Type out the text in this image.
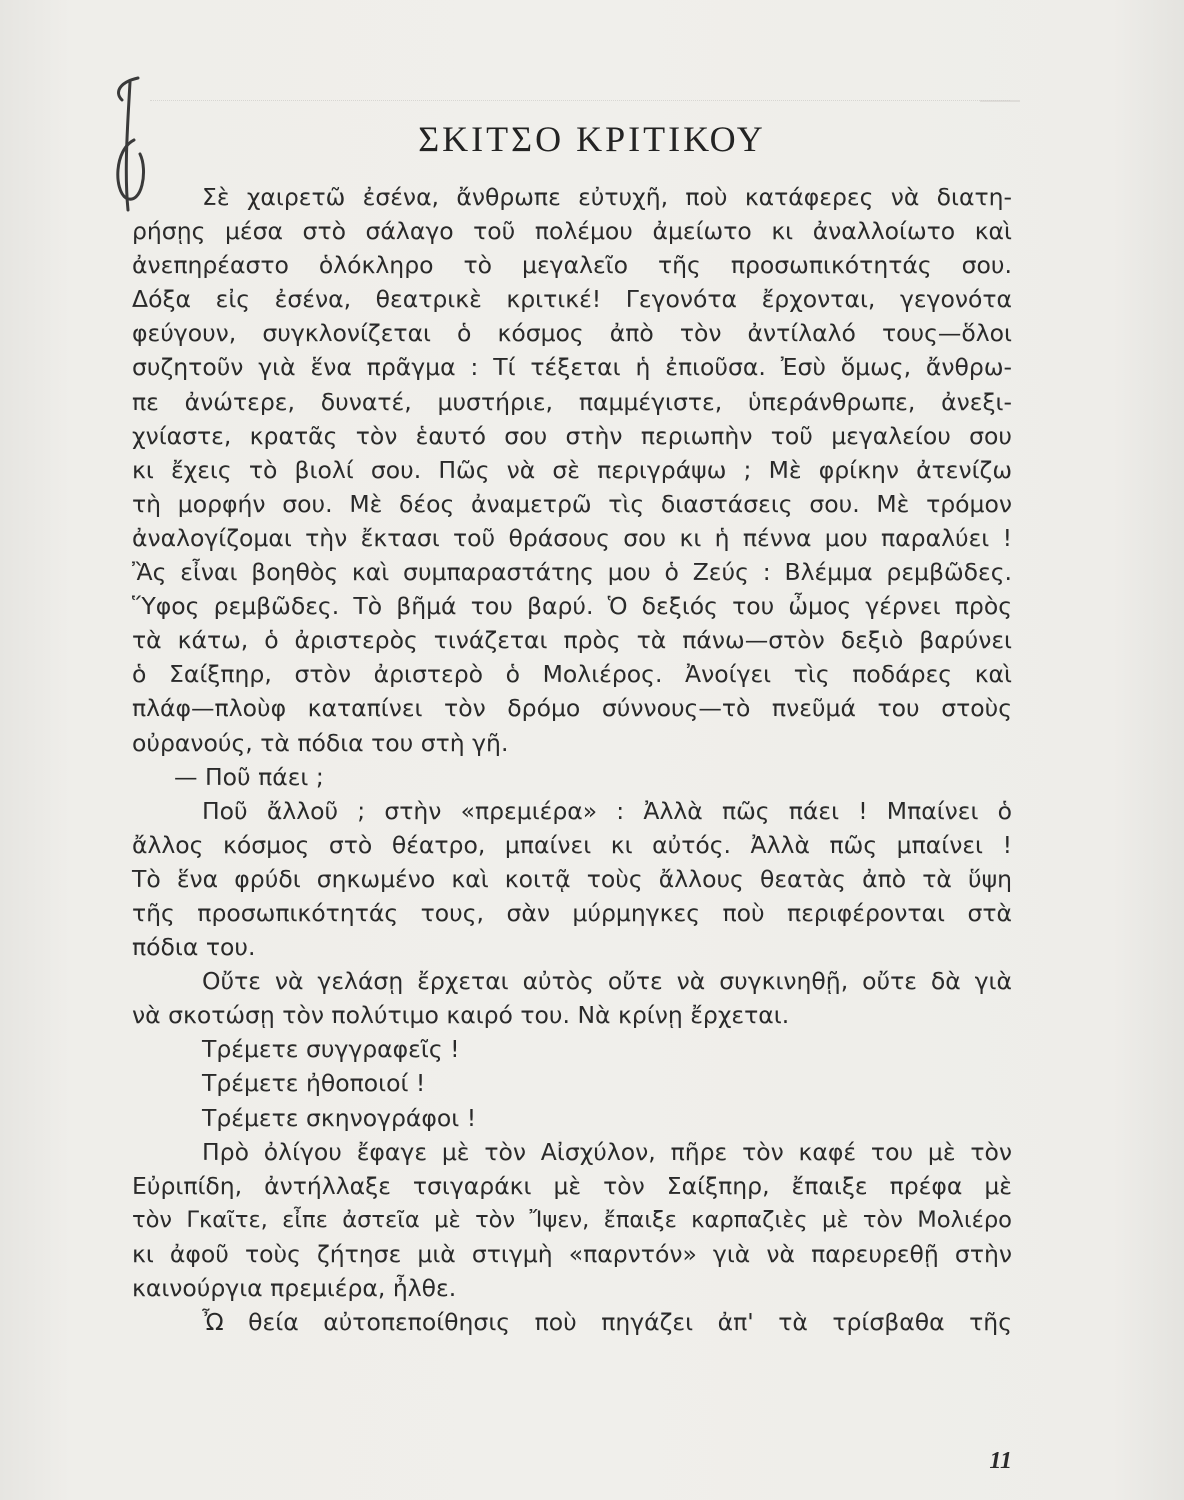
ΣΚΙΤΣΟ ΚΡΙΤΙΚΟΥ
Σὲ χαιρετῶ ἐσένα, ἄνθρωπε εὐτυχῆ, ποὺ κατάφερες νὰ διατη-
ρήσῃς μέσα στὸ σάλαγο τοῦ πολέμου ἀμείωτο κι ἀναλλοίωτο καὶ
ἀνεπηρέαστο ὁλόκληρο τὸ μεγαλεῖο τῆς προσωπικότητάς σου.
Δόξα εἰς ἐσένα, θεατρικὲ κριτικέ! Γεγονότα ἔρχονται, γεγονότα
φεύγουν, συγκλονίζεται ὁ κόσμος ἀπὸ τὸν ἀντίλαλό τους—ὅλοι
συζητοῦν γιὰ ἕνα πρᾶγμα : Τί τέξεται ἡ ἐπιοῦσα. Ἐσὺ ὅμως, ἄνθρω-
πε ἀνώτερε, δυνατέ, μυστήριε, παμμέγιστε, ὑπεράνθρωπε, ἀνεξι-
χνίαστε, κρατᾶς τὸν ἑαυτό σου στὴν περιωπὴν τοῦ μεγαλείου σου
κι ἔχεις τὸ βιολί σου. Πῶς νὰ σὲ περιγράψω ; Μὲ φρίκην ἀτενίζω
τὴ μορφήν σου. Μὲ δέος ἀναμετρῶ τὶς διαστάσεις σου. Μὲ τρόμον
ἀναλογίζομαι τὴν ἔκτασι τοῦ θράσους σου κι ἡ πέννα μου παραλύει !
Ἂς εἶναι βοηθὸς καὶ συμπαραστάτης μου ὁ Ζεύς : Βλέμμα ρεμβῶδες.
Ὕφος ρεμβῶδες. Τὸ βῆμά του βαρύ. Ὁ δεξιός του ὦμος γέρνει πρὸς
τὰ κάτω, ὁ ἀριστερὸς τινάζεται πρὸς τὰ πάνω—στὸν δεξιὸ βαρύνει
ὁ Σαίξπηρ, στὸν ἀριστερὸ ὁ Μολιέρος. Ἀνοίγει τὶς ποδάρες καὶ
πλάφ—πλοὺφ καταπίνει τὸν δρόμο σύννους—τὸ πνεῦμά του στοὺς
οὐρανούς, τὰ πόδια του στὴ γῆ.
— Ποῦ πάει ;
Ποῦ ἄλλοῦ ; στὴν «πρεμιέρα» : Ἀλλὰ πῶς πάει ! Μπαίνει ὁ
ἄλλος κόσμος στὸ θέατρο, μπαίνει κι αὐτός. Ἀλλὰ πῶς μπαίνει !
Τὸ ἕνα φρύδι σηκωμένο καὶ κοιτᾷ τοὺς ἄλλους θεατὰς ἀπὸ τὰ ὕψη
τῆς προσωπικότητάς τους, σὰν μύρμηγκες ποὺ περιφέρονται στὰ
πόδια του.
Οὔτε νὰ γελάσῃ ἔρχεται αὐτὸς οὔτε νὰ συγκινηθῇ, οὔτε δὰ γιὰ
νὰ σκοτώσῃ τὸν πολύτιμο καιρό του. Νὰ κρίνῃ ἔρχεται.
Τρέμετε συγγραφεῖς !
Τρέμετε ἠθοποιοί !
Τρέμετε σκηνογράφοι !
Πρὸ ὀλίγου ἔφαγε μὲ τὸν Αἰσχύλον, πῆρε τὸν καφέ του μὲ τὸν
Εὐριπίδη, ἀντήλλαξε τσιγαράκι μὲ τὸν Σαίξπηρ, ἔπαιξε πρέφα μὲ
τὸν Γκαῖτε, εἶπε ἀστεῖα μὲ τὸν Ἴψεν, ἔπαιξε καρπαζιὲς μὲ τὸν Μολιέρο
κι ἀφοῦ τοὺς ζήτησε μιὰ στιγμὴ «παρντόν» γιὰ νὰ παρευρεθῇ στὴν
καινούργια πρεμιέρα, ἦλθε.
Ὦ θεία αὐτοπεποίθησις ποὺ πηγάζει ἀπ' τὰ τρίσβαθα τῆς
11
